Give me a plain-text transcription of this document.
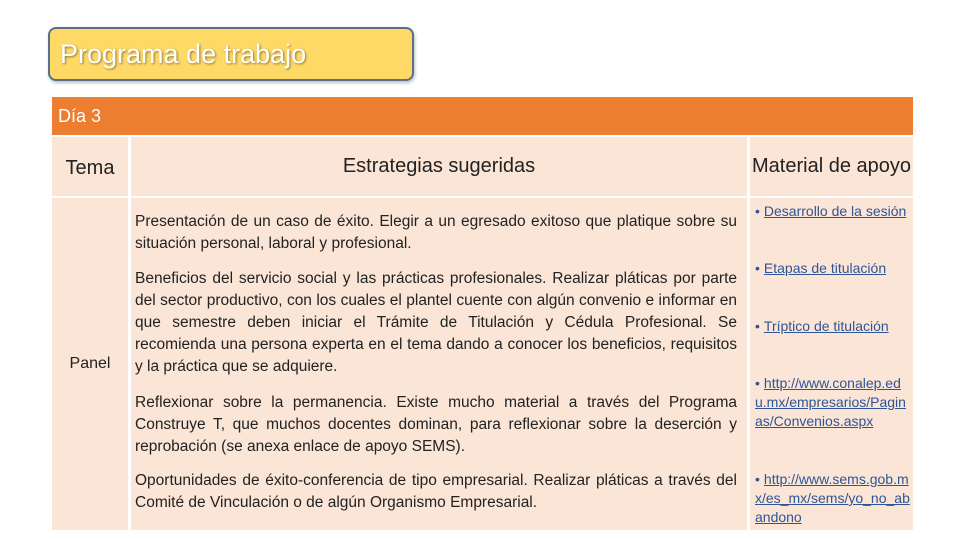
Programa de trabajo
Día 3
Tema	Estrategias sugeridas	Material de apoyo
Panel
Presentación de un caso de éxito. Elegir a un egresado exitoso que platique sobre su situación personal, laboral y profesional.
Beneficios del servicio social y las prácticas profesionales. Realizar pláticas por parte del sector productivo, con los cuales el plantel cuente con algún convenio e informar en que semestre deben iniciar el Trámite de Titulación y Cédula Profesional. Se recomienda una persona experta en el tema dando a conocer los beneficios, requisitos y la práctica que se adquiere.
Reflexionar sobre la permanencia. Existe mucho material a través del Programa Construye T, que muchos docentes dominan, para reflexionar sobre la deserción y reprobación (se anexa enlace de apoyo SEMS).
Oportunidades de éxito-conferencia de tipo empresarial. Realizar pláticas a través del Comité de Vinculación o de algún Organismo Empresarial.
• Desarrollo de la sesión
• Etapas de titulación
• Tríptico de titulación
• http://www.conalep.edu.mx/empresarios/Paginas/Convenios.aspx
• http://www.sems.gob.mx/es_mx/sems/yo_no_abandono
